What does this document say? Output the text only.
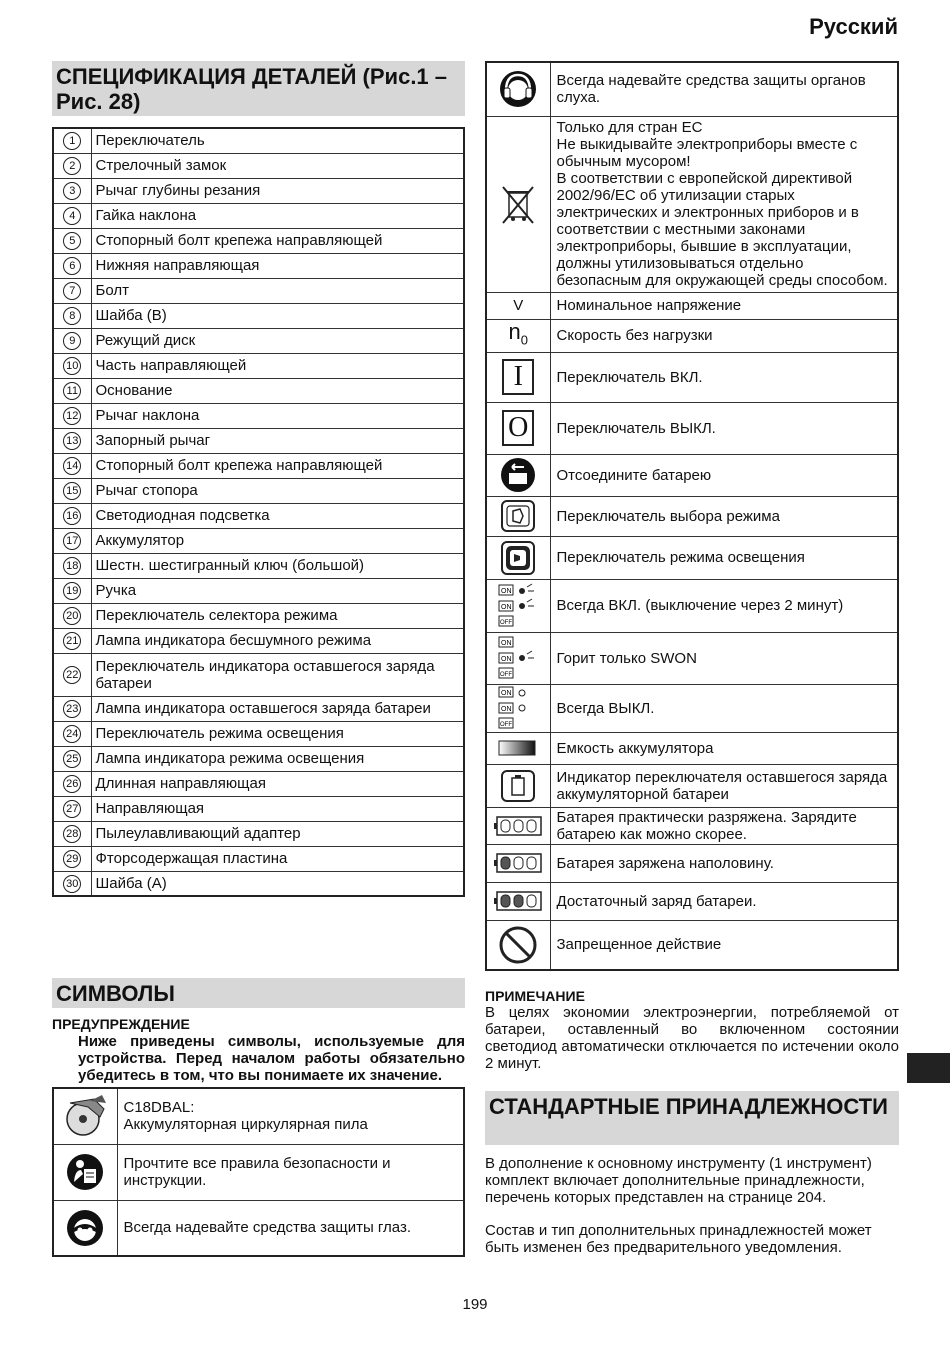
Русский
СПЕЦИФИКАЦИЯ ДЕТАЛЕЙ (Рис.1 – Рис. 28)
1	Переключатель
2	Стрелочный замок
3	Рычаг глубины резания
4	Гайка наклона
5	Стопорный болт крепежа направляющей
6	Нижняя направляющая
7	Болт
8	Шайба (B)
9	Режущий диск
10	Часть направляющей
11	Основание
12	Рычаг наклона
13	Запорный рычаг
14	Стопорный болт крепежа направляющей
15	Рычаг стопора
16	Светодиодная подсветка
17	Аккумулятор
18	Шестн. шестигранный ключ (большой)
19	Ручка
20	Переключатель селектора режима
21	Лампа индикатора бесшумного режима
22	Переключатель индикатора оставшегося заряда батареи
23	Лампа индикатора оставшегося заряда батареи
24	Переключатель режима освещения
25	Лампа индикатора режима освещения
26	Длинная направляющая
27	Направляющая
28	Пылеулавливающий адаптер
29	Фторсодержащая пластина
30	Шайба (A)
СИМВОЛЫ
ПРЕДУПРЕЖДЕНИЕ
Ниже приведены символы, используемые для устройства. Перед началом работы обязательно убедитесь в том, что вы понимаете их значение.

C18DBAL:
Аккумуляторная циркулярная пила

	Прочтите все правила безопасности и инструкции.

	Всегда надевайте средства защиты глаз.
	Всегда надевайте средства защиты органов слуха.

Только для стран ЕС
Не выкидывайте электроприборы вместе с обычным мусором!
В соответствии с европейской директивой 2002/96/ЕС об утилизации старых электрических и электронных приборов и в соответствии с местными законами электроприборы, бывшие в эксплуатации, должны утилизовываться отдельно безопасным для окружающей среды способом.

V	Номинальное напряжение
$n_0$	Скорость без нагрузки

I	Переключатель ВКЛ.

O	Переключатель ВЫКЛ.

	Отсоедините батарею

	Переключатель выбора режима

	Переключатель режима освещения

ON
ON
OFF	Всегда ВКЛ. (выключение через 2 минут)

ON
ON
OFF	Горит только SWON

ON
ON
OFF	Всегда ВЫКЛ.

	Емкость аккумулятора

	Индикатор переключателя оставшегося заряда аккумуляторной батареи

	Батарея практически разряжена. Зарядите батарею как можно скорее.

	Батарея заряжена наполовину.

	Достаточный заряд батареи.

	Запрещенное действие
ПРИМЕЧАНИЕ
В целях экономии электроэнергии, потребляемой от батареи, оставленный во включенном состоянии светодиод автоматически отключается по истечении около 2 минут.
СТАНДАРТНЫЕ ПРИНАДЛЕЖНОСТИ
В дополнение к основному инструменту (1 инструмент) комплект включает дополнительные принадлежности, перечень которых представлен на странице 204.
Состав и тип дополнительных принадлежностей может быть изменен без предварительного уведомления.
199
